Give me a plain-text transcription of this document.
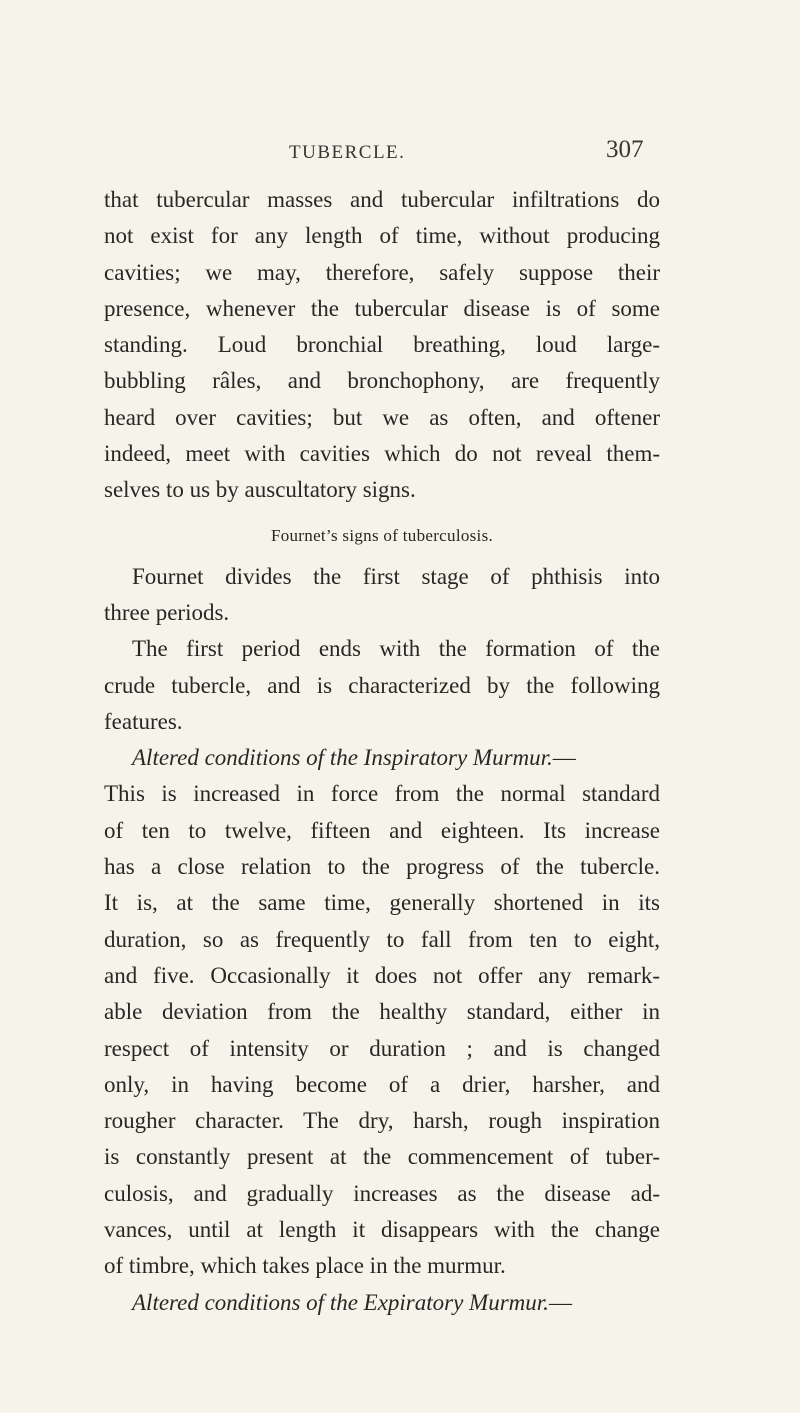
TUBERCLE.	307
that tubercular masses and tubercular infiltrations do
not exist for any length of time, without producing
cavities; we may, therefore, safely suppose their
presence, whenever the tubercular disease is of some
standing. Loud bronchial breathing, loud large-
bubbling râles, and bronchophony, are frequently
heard over cavities; but we as often, and oftener
indeed, meet with cavities which do not reveal them-
selves to us by auscultatory signs.
Fournet’s signs of tuberculosis.
Fournet divides the first stage of phthisis into
three periods.
The first period ends with the formation of the
crude tubercle, and is characterized by the following
features.
Altered conditions of the Inspiratory Murmur.—
This is increased in force from the normal standard
of ten to twelve, fifteen and eighteen. Its increase
has a close relation to the progress of the tubercle.
It is, at the same time, generally shortened in its
duration, so as frequently to fall from ten to eight,
and five. Occasionally it does not offer any remark-
able deviation from the healthy standard, either in
respect of intensity or duration ; and is changed
only, in having become of a drier, harsher, and
rougher character. The dry, harsh, rough inspiration
is constantly present at the commencement of tuber-
culosis, and gradually increases as the disease ad-
vances, until at length it disappears with the change
of timbre, which takes place in the murmur.
Altered conditions of the Expiratory Murmur.—
